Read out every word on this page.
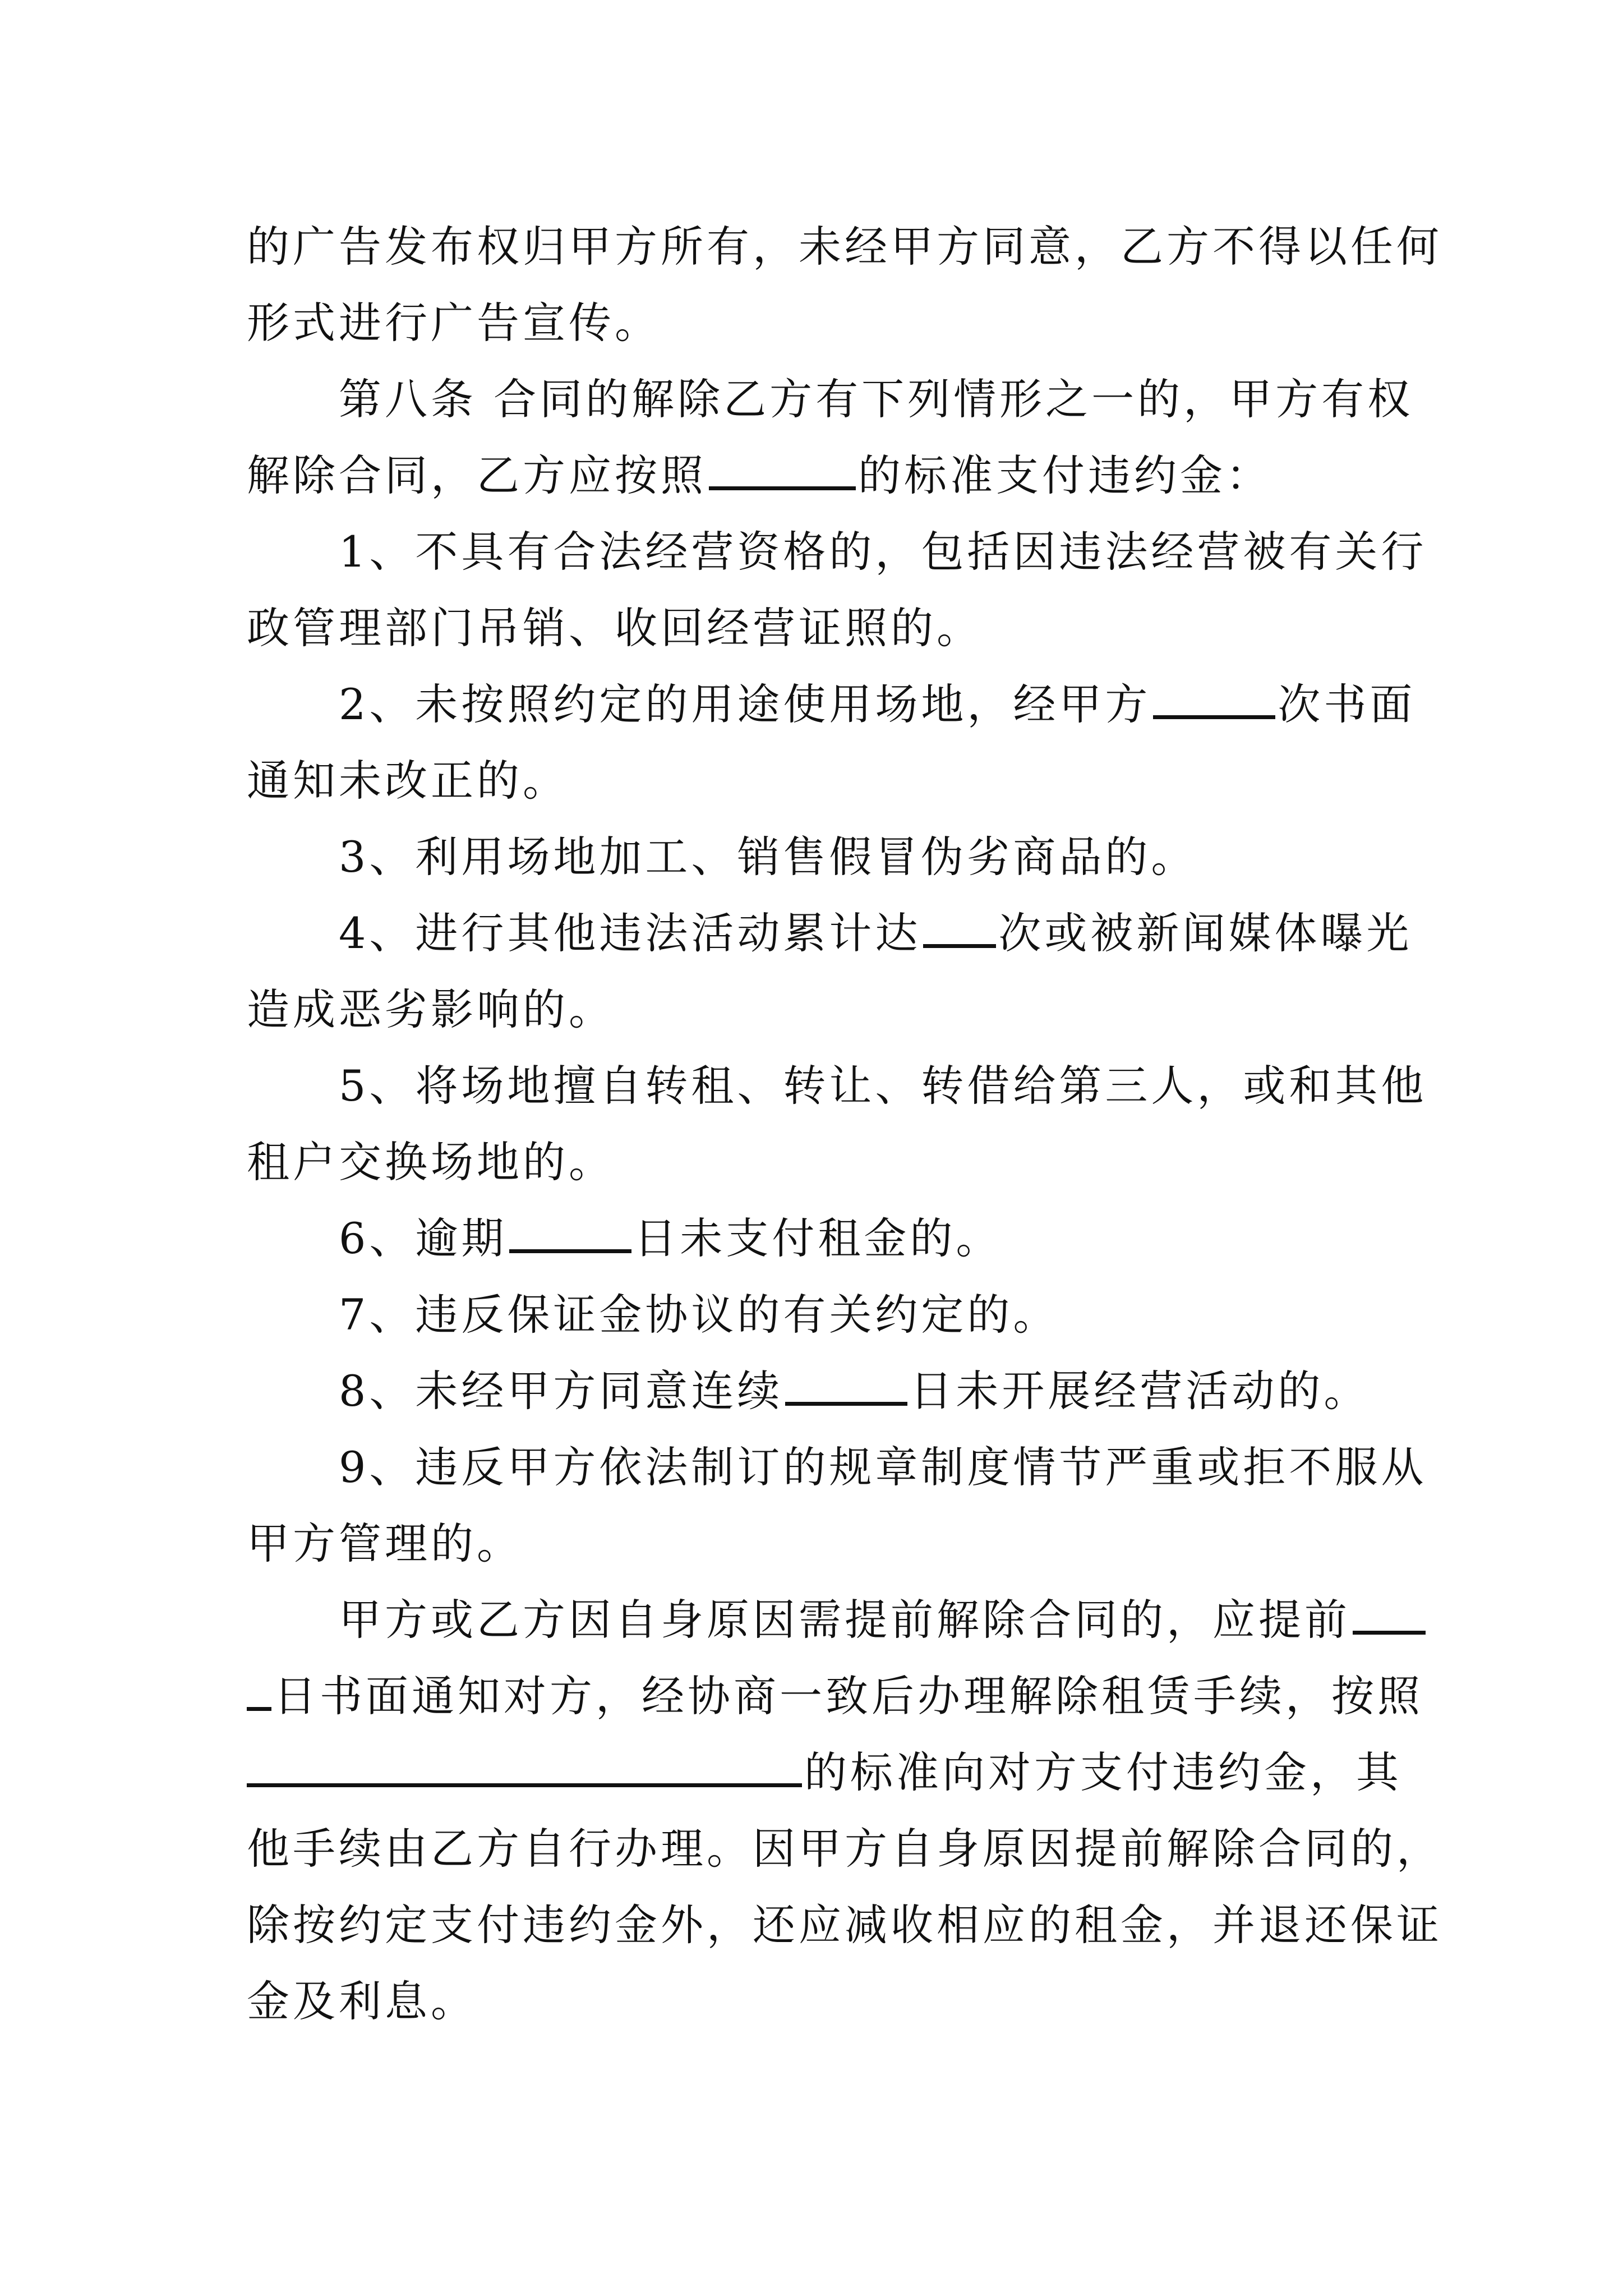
的广告发布权归甲方所有，未经甲方同意，乙方不得以任何
形式进行广告宣传。

第八条 合同的解除乙方有下列情形之一的，甲方有权
解除合同，乙方应按照	的标准支付违约金：

1、不具有合法经营资格的，包括因违法经营被有关行
政管理部门吊销、收回经营证照的。

2、未按照约定的用途使用场地，经甲方	次书面
通知未改正的。

3、利用场地加工、销售假冒伪劣商品的。

4、进行其他违法活动累计达 次或被新闻媒体曝光
造成恶劣影响的。

5、将场地擅自转租、转让、转借给第三人，或和其他
租户交换场地的。

6、逾期	日未支付租金的。

7、违反保证金协议的有关约定的。

8、未经甲方同意连续	日未开展经营活动的。

9、违反甲方依法制订的规章制度情节严重或拒不服从
甲方管理的。

甲方或乙方因自身原因需提前解除合同的，应提前
日书面通知对方，经协商一致后办理解除租赁手续，按照
的标准向对方支付违约金，其
他手续由乙方自行办理。因甲方自身原因提前解除合同的，
除按约定支付违约金外，还应减收相应的租金，并退还保证
金及利息。
